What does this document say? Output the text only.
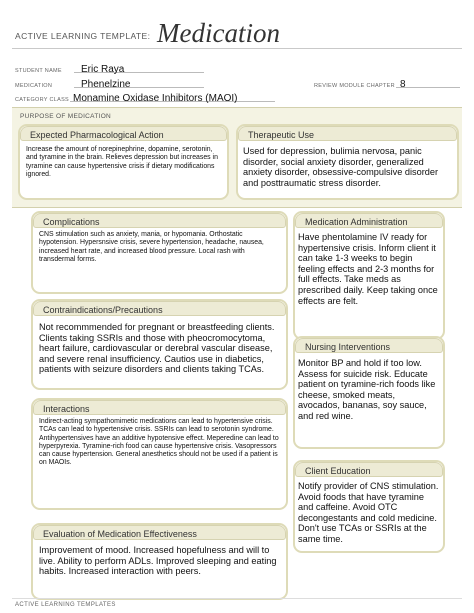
ACTIVE LEARNING TEMPLATE: Medication
STUDENT NAME	Eric Raya
MEDICATION	Phenelzine	REVIEW MODULE CHAPTER 8
CATEGORY CLASS Monamine Oxidase Inhibitors (MAOI)
PURPOSE OF MEDICATION
Expected Pharmacological Action
Increase the amount of norepinephrine, dopamine, serotonin, and tyramine in the brain. Relieves depression but increases in tyramine can cause hypertensive crisis if dietary modifications ignored.
Therapeutic Use
Used for depression, bulimia nervosa, panic disorder, social anxiety disorder, generalized anxiety disorder, obsessive-compulsive disorder and posttraumatic stress disorder.
Complications
CNS stimulation such as anxiety, mania, or hypomania. Orthostatic hypotension. Hypersnsive crisis, severe hypertension, headache, nausea, increased heart rate, and increased blood pressure. Local rash with transdermal forms.
Medication Administration
Have phentolamine IV ready for hypertensive crisis. Inform client it can take 1-3 weeks to begin feeling effects and 2-3 months for full effects. Take meds as prescribed daily. Keep taking once effects are felt.
Contraindications/Precautions
Not recommmended for pregnant or breastfeeding clients. Clients taking SSRIs and those with pheocromocytoma, heart failure, cardiovascular or derebral vascular disease, and severe renal insufficiency. Cautios use in diabetics, patients with seizure disorders and clients taking TCAs.
Nursing Interventions
Monitor BP and hold if too low. Assess for suicide risk. Educate patient on tyramine-rich foods like cheese, smoked meats, avocados, bananas, soy sauce, and red wine.
Interactions
Indirect-acting sympathomimetic medications can lead to hypertensive crisis. TCAs can lead to hypertensive crisis. SSRIs can lead to serotonin syndrome. Antihypertensives have an additive hypotensive effect. Meperedine can lead to hyperpyrexia. Tyramine-rich food can cause hypertensive crisis. Vasopressors can cause hypertension. General anesthetics should not be used if a patient is on MAOIs.
Client Education
Notify provider of CNS stimulation. Avoid foods that have tyramine and caffeine. Avoid OTC decongestants and cold medicine. Don't use TCAs or SSRIs at the same time.
Evaluation of Medication Effectiveness
Improvement of mood. Increased hopefulness and will to live. Ability to perform ADLs. Improved sleeping and eating habits. Increased interaction with peers.
ACTIVE LEARNING TEMPLATES
